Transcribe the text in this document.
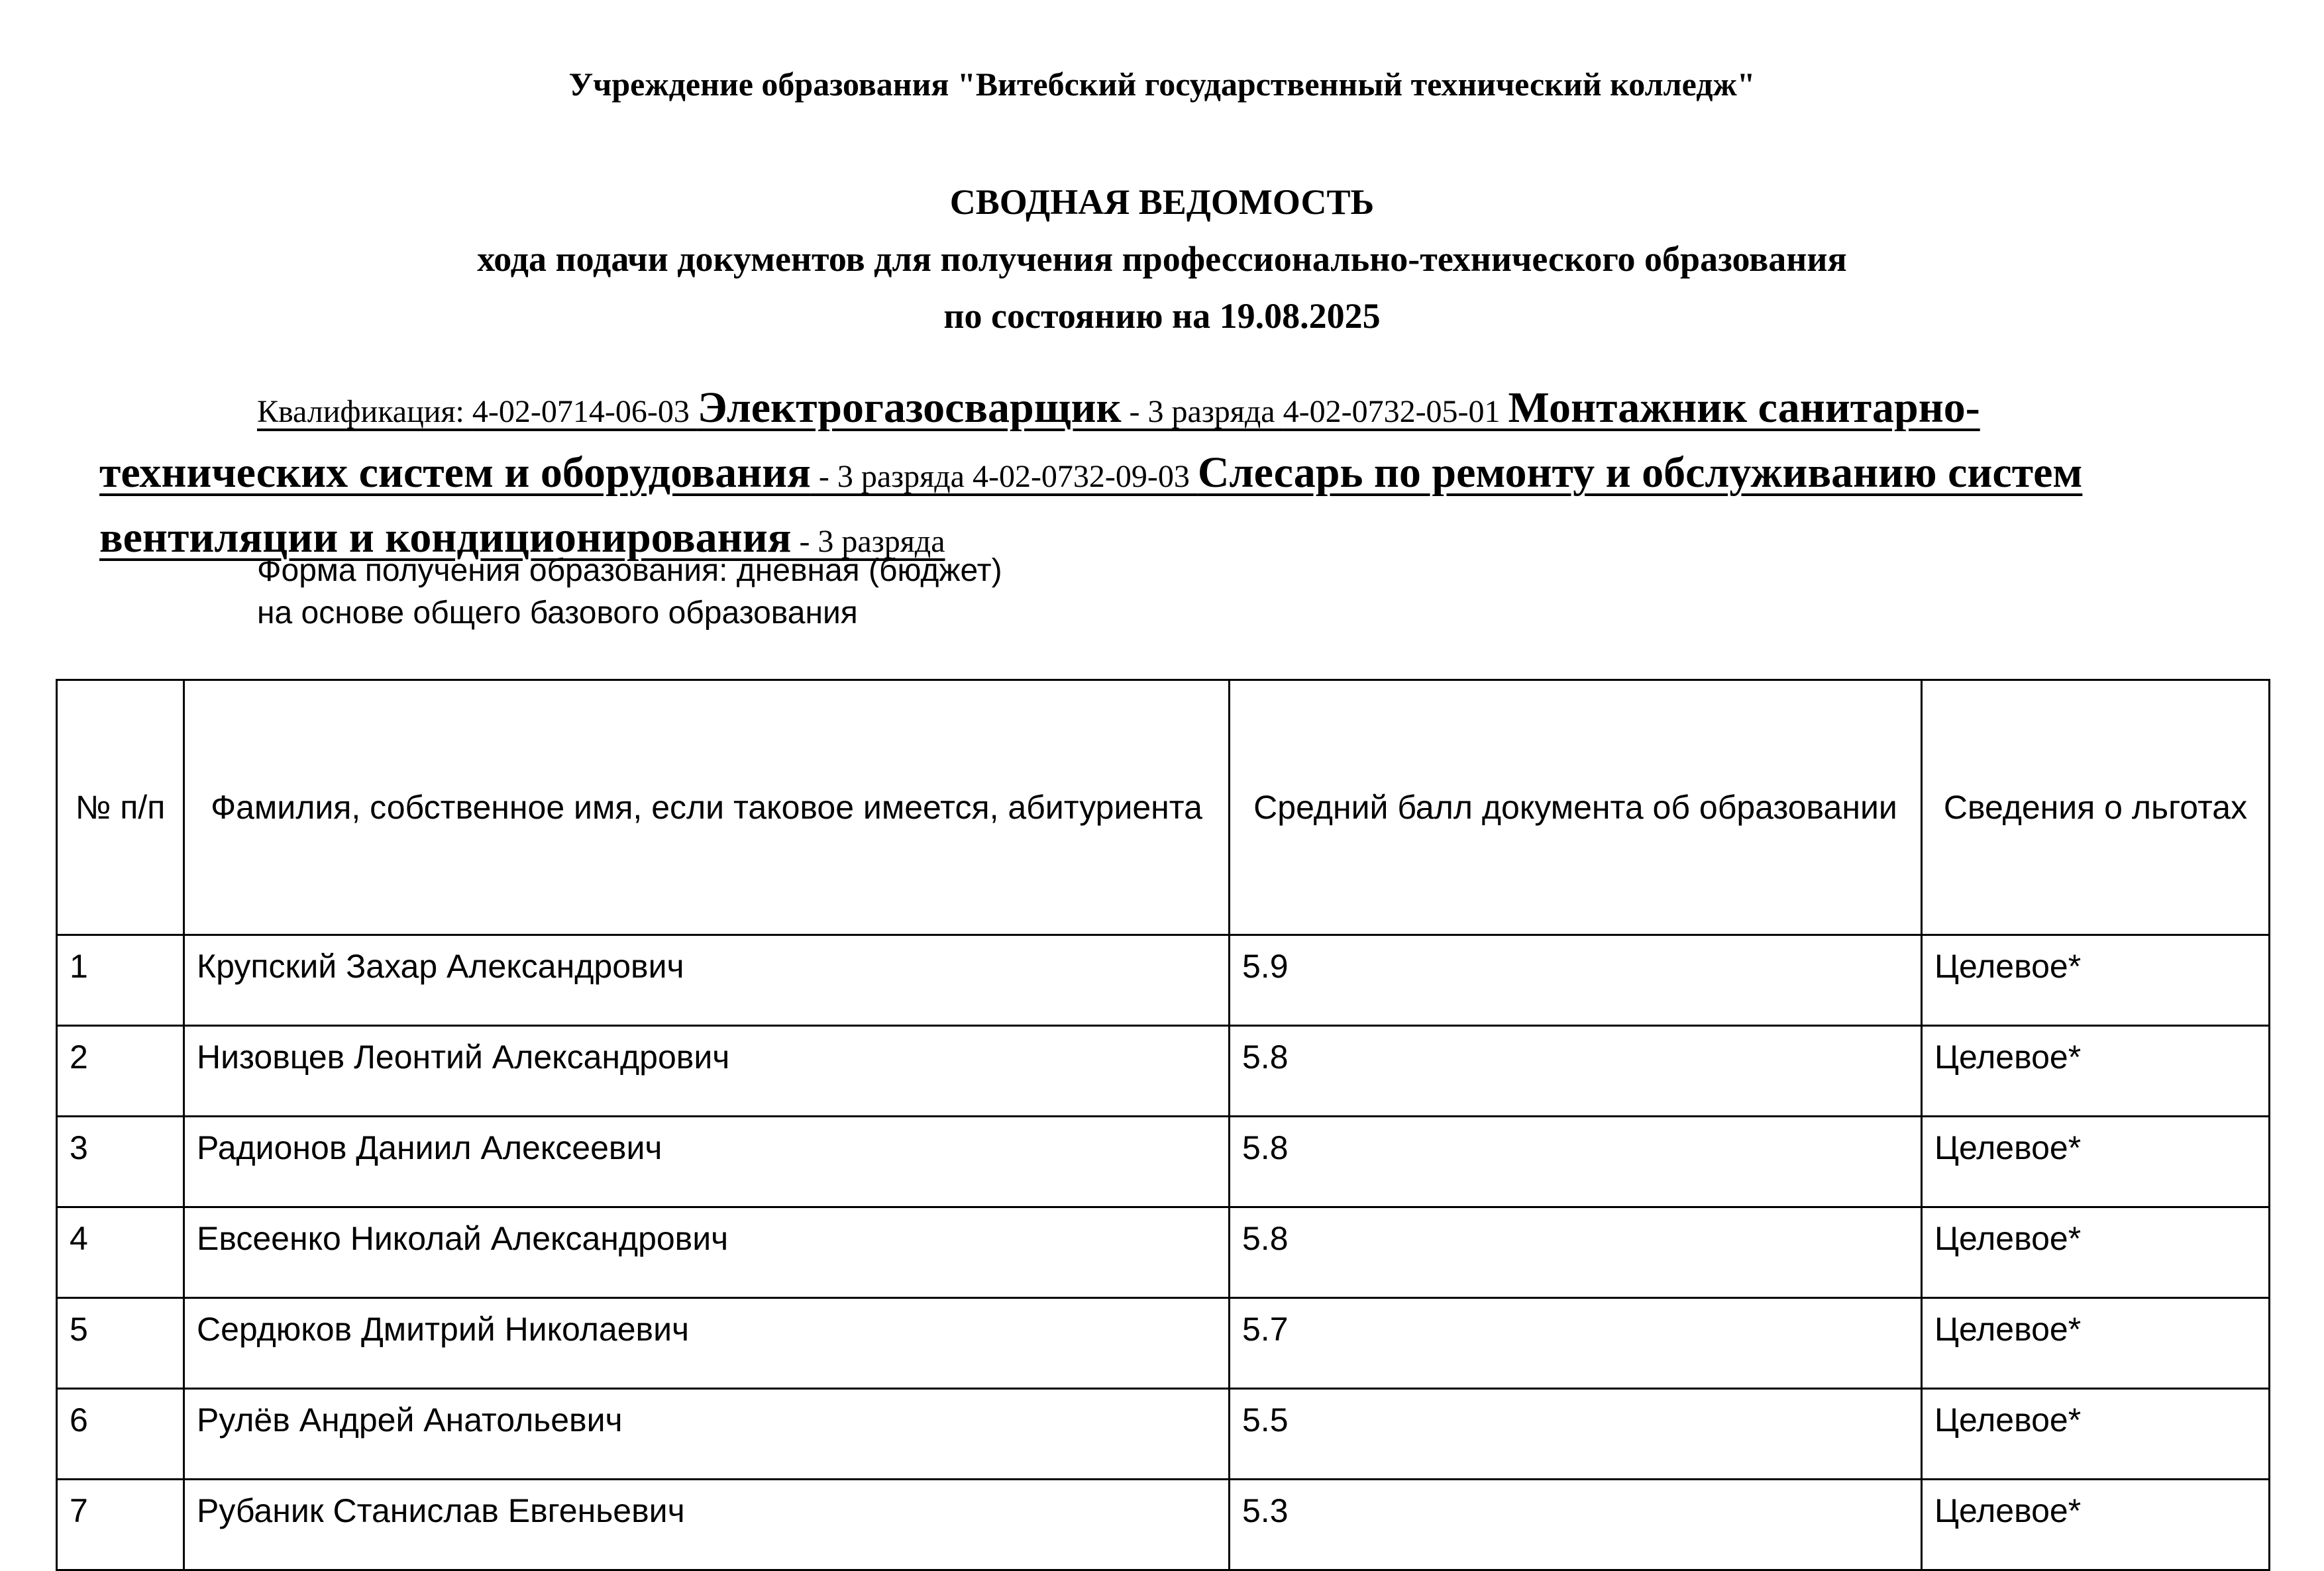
Учреждение образования "Витебский государственный технический колледж"
СВОДНАЯ ВЕДОМОСТЬ
хода подачи документов для получения профессионально-технического образования
по состоянию на 19.08.2025
Квалификация: 4-02-0714-06-03 Электрогазосварщик - 3 разряда 4-02-0732-05-01 Монтажник санитарно-технических систем и оборудования - 3 разряда 4-02-0732-09-03 Слесарь по ремонту и обслуживанию систем вентиляции и кондиционирования - 3 разряда
Форма получения образования: дневная (бюджет)
на основе общего базового образования
№ п/п	Фамилия, собственное имя, если таковое имеется, абитуриента	Средний балл документа об образовании	Сведения о льготах
1	Крупский Захар Александрович	5.9	Целевое*
2	Низовцев Леонтий Александрович	5.8	Целевое*
3	Радионов Даниил Алексеевич	5.8	Целевое*
4	Евсеенко Николай Александрович	5.8	Целевое*
5	Сердюков Дмитрий Николаевич	5.7	Целевое*
6	Рулёв Андрей Анатольевич	5.5	Целевое*
7	Рубаник Станислав Евгеньевич	5.3	Целевое*
